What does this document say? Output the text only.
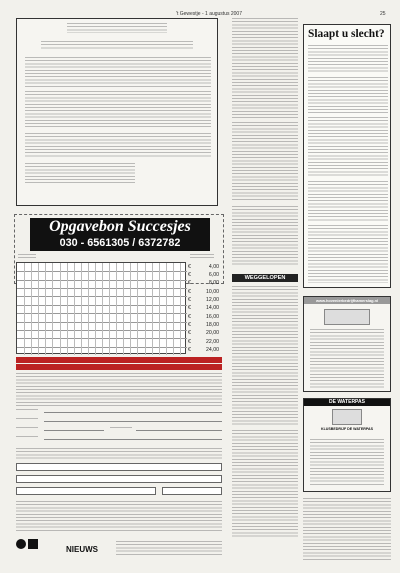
't Gewestje - 1 augustus 2007	25
Opgavebon Succesjes
030 - 6561305 / 6372782
€	4,00
€	6,00
€	8,00
€	10,00
€	12,00
€	14,00
€	16,00
€	18,00
€	20,00
€	22,00
€	24,00
NIEUWS
WEGGELOPEN
Slaapt u slecht?
www.hovenierbedrijfhamerslag.nl
DE WATERPAS
KLUSBEDRIJF DE WATERPAS
